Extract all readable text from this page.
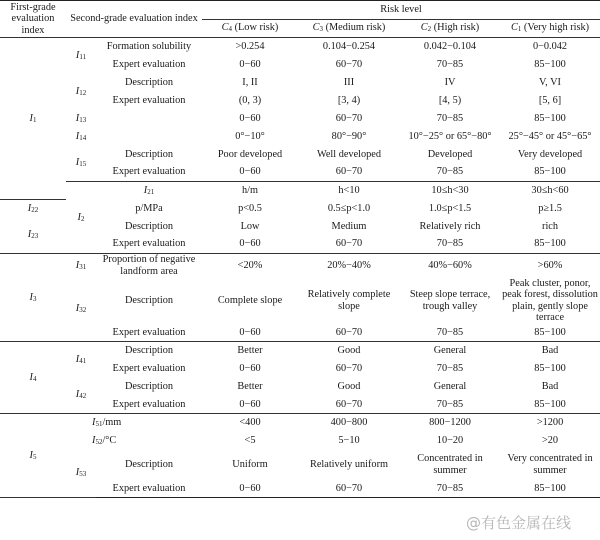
First-grade evaluation index	Second-grade evaluation index		Risk level				
			C4 (Low risk)	C3 (Medium risk)	C2 (High risk)	C1 (Very high risk)	
I1	I11	Formation solubility	>0.254	0.104−0.254	0.042−0.104	0−0.042	
		Expert evaluation	0−60	60−70	70−85	85−100	
	I12	Description	I, II	III	IV	V, VI	
		Expert evaluation	(0, 3)	[3, 4)	[4, 5)	[5, 6]	
	I13		0−60	60−70	70−85	85−100	
	I14		0°−10°	80°−90°	10°−25° or 65°−80°	25°−45° or 45°−65°	
	I15	Description	Poor developed	Well developed	Developed	Very developed	
		Expert evaluation	0−60	60−70	70−85	85−100	
	I2	I21	h/m	h<10	10≤h<30	30≤h<60	
I22		p/MPa	p<0.5	0.5≤p<1.0	1.0≤p<1.5	p≥1.5	
I23		Description	Low	Medium	Relatively rich	rich	
		Expert evaluation	0−60	60−70	70−85	85−100	
I3	I31	Proportion of negative landform area	<20%	20%−40%	40%−60%	>60%	
	I32	Description	Complete slope	Relatively complete slope	Steep slope terrace, trough valley	Peak cluster, ponor, peak forest, dissolution plain, gently slope terrace	
		Expert evaluation	0−60	60−70	70−85	85−100	
I4	I41	Description	Better	Good	General	Bad	
		Expert evaluation	0−60	60−70	70−85	85−100	
	I42	Description	Better	Good	General	Bad	
		Expert evaluation	0−60	60−70	70−85	85−100	
I5	I51/mm		<400	400−800	800−1200	>1200	
	I52/°C		<5	5−10	10−20	>20	
	I53	Description	Uniform	Relatively uniform	Concentrated in summer	Very concentrated in summer	
		Expert evaluation	0−60	60−70	70−85	85−100	
@有色金属在线
